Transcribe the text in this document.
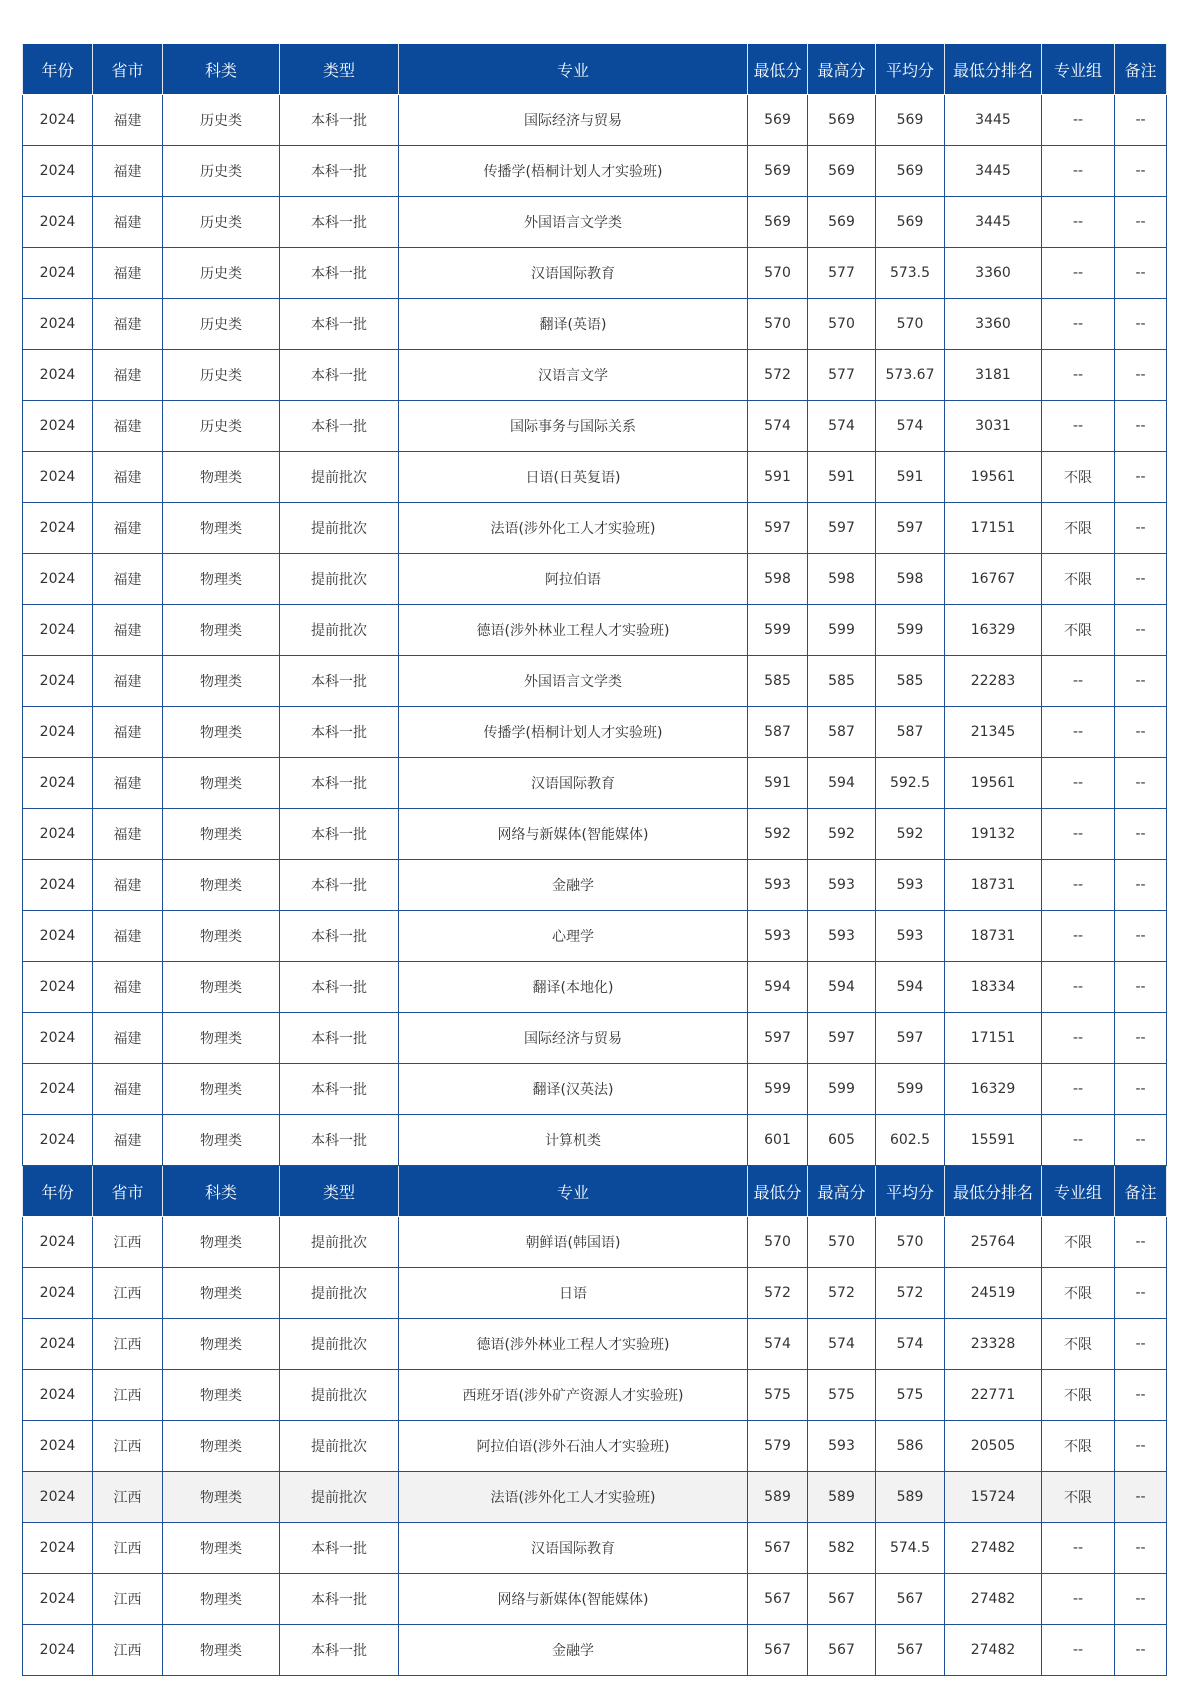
年份	省市	科类	类型	专业	最低分	最高分	平均分	最低分排名	专业组	备注
2024	福建	历史类	本科一批	国际经济与贸易	569	569	569	3445	--	--
2024	福建	历史类	本科一批	传播学(梧桐计划人才实验班)	569	569	569	3445	--	--
2024	福建	历史类	本科一批	外国语言文学类	569	569	569	3445	--	--
2024	福建	历史类	本科一批	汉语国际教育	570	577	573.5	3360	--	--
2024	福建	历史类	本科一批	翻译(英语)	570	570	570	3360	--	--
2024	福建	历史类	本科一批	汉语言文学	572	577	573.67	3181	--	--
2024	福建	历史类	本科一批	国际事务与国际关系	574	574	574	3031	--	--
2024	福建	物理类	提前批次	日语(日英复语)	591	591	591	19561	不限	--
2024	福建	物理类	提前批次	法语(涉外化工人才实验班)	597	597	597	17151	不限	--
2024	福建	物理类	提前批次	阿拉伯语	598	598	598	16767	不限	--
2024	福建	物理类	提前批次	德语(涉外林业工程人才实验班)	599	599	599	16329	不限	--
2024	福建	物理类	本科一批	外国语言文学类	585	585	585	22283	--	--
2024	福建	物理类	本科一批	传播学(梧桐计划人才实验班)	587	587	587	21345	--	--
2024	福建	物理类	本科一批	汉语国际教育	591	594	592.5	19561	--	--
2024	福建	物理类	本科一批	网络与新媒体(智能媒体)	592	592	592	19132	--	--
2024	福建	物理类	本科一批	金融学	593	593	593	18731	--	--
2024	福建	物理类	本科一批	心理学	593	593	593	18731	--	--
2024	福建	物理类	本科一批	翻译(本地化)	594	594	594	18334	--	--
2024	福建	物理类	本科一批	国际经济与贸易	597	597	597	17151	--	--
2024	福建	物理类	本科一批	翻译(汉英法)	599	599	599	16329	--	--
2024	福建	物理类	本科一批	计算机类	601	605	602.5	15591	--	--
年份	省市	科类	类型	专业	最低分	最高分	平均分	最低分排名	专业组	备注
2024	江西	物理类	提前批次	朝鲜语(韩国语)	570	570	570	25764	不限	--
2024	江西	物理类	提前批次	日语	572	572	572	24519	不限	--
2024	江西	物理类	提前批次	德语(涉外林业工程人才实验班)	574	574	574	23328	不限	--
2024	江西	物理类	提前批次	西班牙语(涉外矿产资源人才实验班)	575	575	575	22771	不限	--
2024	江西	物理类	提前批次	阿拉伯语(涉外石油人才实验班)	579	593	586	20505	不限	--
2024	江西	物理类	提前批次	法语(涉外化工人才实验班)	589	589	589	15724	不限	--
2024	江西	物理类	本科一批	汉语国际教育	567	582	574.5	27482	--	--
2024	江西	物理类	本科一批	网络与新媒体(智能媒体)	567	567	567	27482	--	--
2024	江西	物理类	本科一批	金融学	567	567	567	27482	--	--
